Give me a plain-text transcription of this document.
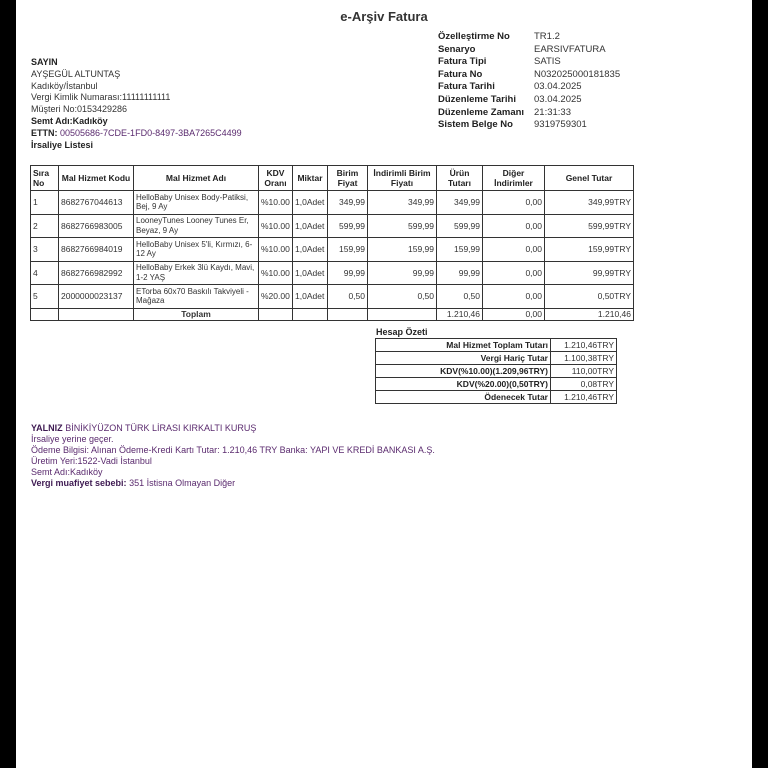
e-Arşiv Fatura
Özelleştirme No	TR1.2
Senaryo	EARSIVFATURA
Fatura Tipi	SATIS
Fatura No	N032025000181835
Fatura Tarihi	03.04.2025
Düzenleme Tarihi	03.04.2025
Düzenleme Zamanı	21:31:33
Sistem Belge No	9319759301
SAYIN
AYŞEGÜL ALTUNTAŞ
Kadıköy/İstanbul
Vergi Kimlik Numarası:11111111111
Müşteri No:0153429286
Semt Adı:Kadıköy
ETTN: 00505686-7CDE-1FD0-8497-3BA7265C4499
İrsaliye Listesi
Sıra No	Mal Hizmet Kodu	Mal Hizmet Adı	KDV Oranı	Miktar	Birim Fiyat	İndirimli Birim Fiyatı	Ürün Tutarı	Diğer İndirimler	Genel Tutar
1	8682767044613	HelloBaby Unisex Body-Patiksi, Bej, 9 Ay	%10.00	1,0Adet	349,99	349,99	349,99	0,00	349,99TRY
2	8682766983005	LooneyTunes Looney Tunes Er, Beyaz, 9 Ay	%10.00	1,0Adet	599,99	599,99	599,99	0,00	599,99TRY
3	8682766984019	HelloBaby Unisex 5'li, Kırmızı, 6-12 Ay	%10.00	1,0Adet	159,99	159,99	159,99	0,00	159,99TRY
4	8682766982992	HelloBaby Erkek 3lü Kaydı, Mavi, 1-2 YAŞ	%10.00	1,0Adet	99,99	99,99	99,99	0,00	99,99TRY
5	2000000023137	ETorba 60x70 Baskılı Takviyeli - Mağaza	%20.00	1,0Adet	0,50	0,50	0,50	0,00	0,50TRY
		Toplam					1.210,46	0,00	1.210,46
Hesap Özeti
Mal Hizmet Toplam Tutarı	1.210,46TRY
Vergi Hariç Tutar	1.100,38TRY
KDV(%10.00)(1.209,96TRY)	110,00TRY
KDV(%20.00)(0,50TRY)	0,08TRY
Ödenecek Tutar	1.210,46TRY
YALNIZ BİNİKİYÜZON TÜRK LİRASI KIRKALTI KURUŞ
İrsaliye yerine geçer.
Ödeme Bilgisi: Alınan Ödeme-Kredi Kartı Tutar: 1.210,46 TRY Banka: YAPI VE KREDİ BANKASI A.Ş.
Üretim Yeri:1522-Vadi İstanbul
Semt Adı:Kadıköy
Vergi muafiyet sebebi: 351 İstisna Olmayan Diğer
